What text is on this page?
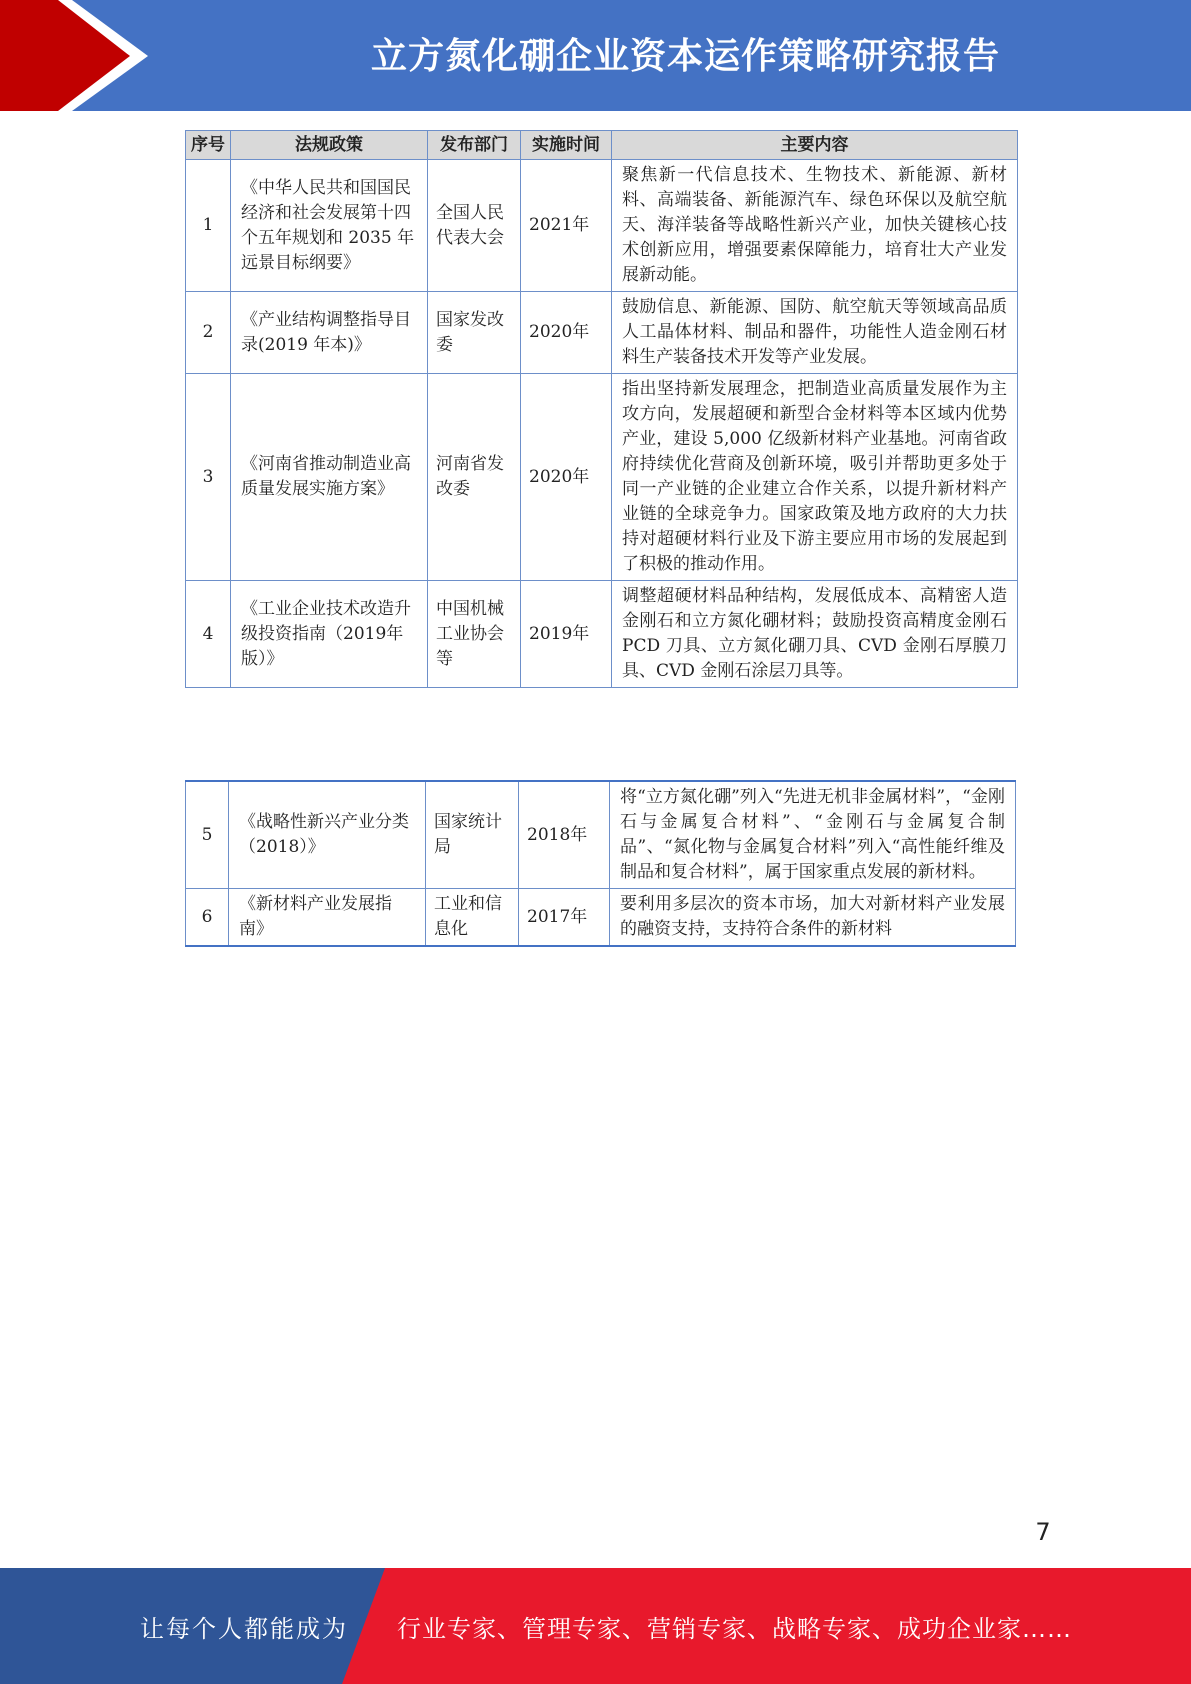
立方氮化硼企业资本运作策略研究报告
序号	法规政策	发布部门	实施时间	主要内容
1	《中华人民共和国国民经济和社会发展第十四个五年规划和 2035 年远景目标纲要》	全国人民代表大会	2021年	聚焦新一代信息技术、生物技术、新能源、新材料、高端装备、新能源汽车、绿色环保以及航空航天、海洋装备等战略性新兴产业，加快关键核心技术创新应用，增强要素保障能力，培育壮大产业发展新动能。
2	《产业结构调整指导目录(2019 年本)》	国家发改委	2020年	鼓励信息、新能源、国防、航空航天等领域高品质人工晶体材料、制品和器件，功能性人造金刚石材料生产装备技术开发等产业发展。
3	《河南省推动制造业高质量发展实施方案》	河南省发改委	2020年	指出坚持新发展理念，把制造业高质量发展作为主攻方向，发展超硬和新型合金材料等本区域内优势产业，建设 5,000 亿级新材料产业基地。河南省政府持续优化营商及创新环境，吸引并帮助更多处于同一产业链的企业建立合作关系，以提升新材料产业链的全球竞争力。国家政策及地方政府的大力扶持对超硬材料行业及下游主要应用市场的发展起到了积极的推动作用。
4	《工业企业技术改造升级投资指南（2019年版）》	中国机械工业协会等	2019年	调整超硬材料品种结构，发展低成本、高精密人造金刚石和立方氮化硼材料；鼓励投资高精度金刚石 PCD 刀具、立方氮化硼刀具、CVD 金刚石厚膜刀具、CVD 金刚石涂层刀具等。
5	《战略性新兴产业分类（2018）》	国家统计局	2018年	将“立方氮化硼”列入“先进无机非金属材料”，“金刚石与金属复合材料”、“金刚石与金属复合制品”、“氮化物与金属复合材料”列入“高性能纤维及制品和复合材料”，属于国家重点发展的新材料。
6	《新材料产业发展指南》	工业和信息化	2017年	要利用多层次的资本市场，加大对新材料产业发展的融资支持，支持符合条件的新材料
7
让每个人都能成为 行业专家、管理专家、营销专家、战略专家、成功企业家……
